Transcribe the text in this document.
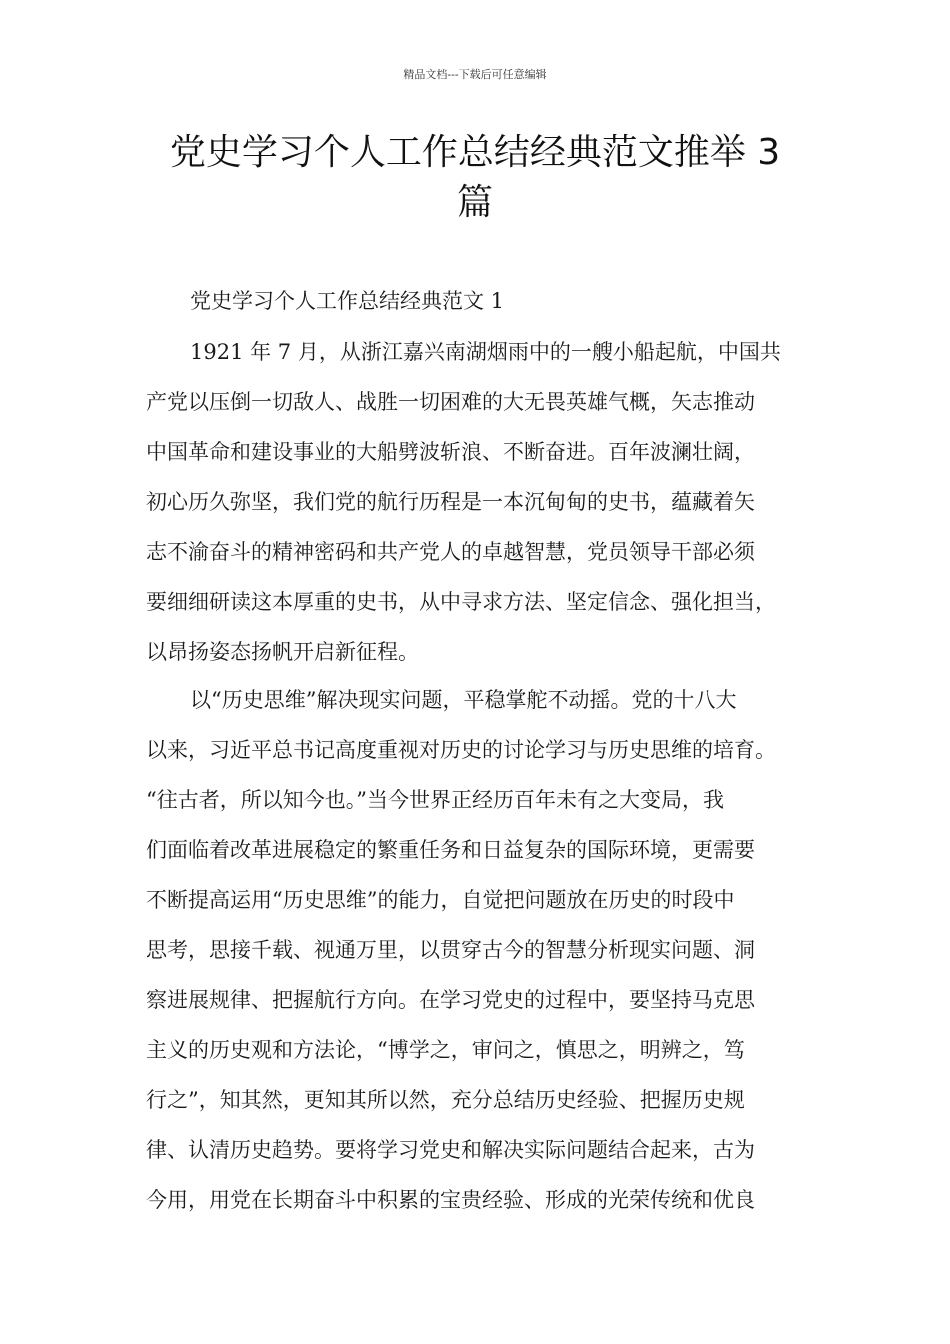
精品文档---下载后可任意编辑
党史学习个人工作总结经典范文推举 3
篇
党史学习个人工作总结经典范文 1
1921 年 7 月，从浙江嘉兴南湖烟雨中的一艘小船起航，中国共
产党以压倒一切敌人、战胜一切困难的大无畏英雄气概，矢志推动
中国革命和建设事业的大船劈波斩浪、不断奋进。百年波澜壮阔，
初心历久弥坚，我们党的航行历程是一本沉甸甸的史书，蕴藏着矢
志不渝奋斗的精神密码和共产党人的卓越智慧，党员领导干部必须
要细细研读这本厚重的史书，从中寻求方法、坚定信念、强化担当，
以昂扬姿态扬帆开启新征程。
以“历史思维”解决现实问题，平稳掌舵不动摇。党的十八大
以来，习近平总书记高度重视对历史的讨论学习与历史思维的培育。
“往古者，所以知今也。”当今世界正经历百年未有之大变局，我
们面临着改革进展稳定的繁重任务和日益复杂的国际环境，更需要
不断提高运用“历史思维”的能力，自觉把问题放在历史的时段中
思考，思接千载、视通万里，以贯穿古今的智慧分析现实问题、洞
察进展规律、把握航行方向。在学习党史的过程中，要坚持马克思
主义的历史观和方法论，“博学之，审问之，慎思之，明辨之，笃
行之”，知其然，更知其所以然，充分总结历史经验、把握历史规
律、认清历史趋势。要将学习党史和解决实际问题结合起来，古为
今用，用党在长期奋斗中积累的宝贵经验、形成的光荣传统和优良
